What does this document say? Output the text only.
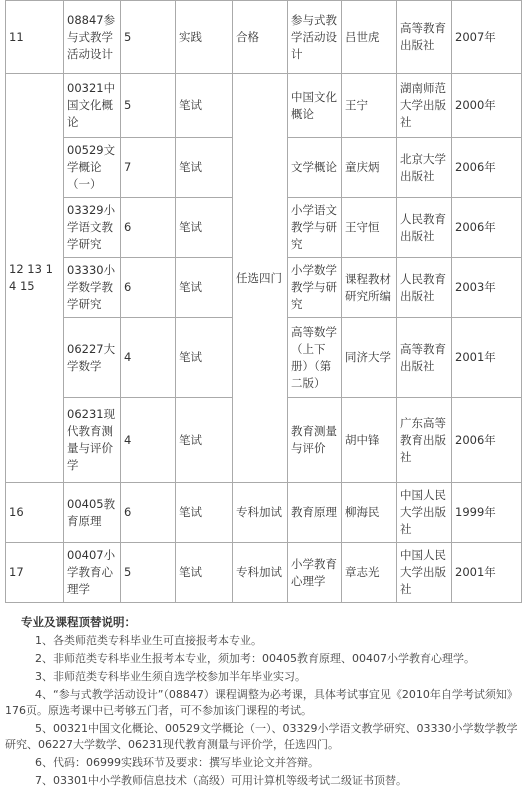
11	08847参与式教学活动设计	5	实践	合格	参与式教学活动设计	吕世虎	高等教育出版社	2007年
12 13 14 15	00321中国文化概论	5	笔试	任选四门	中国文化概论	王宁	湖南师范大学出版社	2000年
	00529文学概论（一）	7	笔试		文学概论	童庆炳	北京大学出版社	2006年
	03329小学语文教学研究	6	笔试		小学语文教学与研究	王守恒	人民教育出版社	2006年
	03330小学数学教学研究	6	笔试		小学数学教学与研究	课程教材研究所编	人民教育出版社	2003年
	06227大学数学	4	笔试		高等数学（上下册）（第二版）	同济大学	高等教育出版社	2001年
	06231现代教育测量与评价学	4	笔试		教育测量与评价	胡中锋	广东高等教育出版社	2006年
16	00405教育原理	6	笔试	专科加试	教育原理	柳海民	中国人民大学出版社	1999年
17	00407小学教育心理学	5	笔试	专科加试	小学教育心理学	章志光	中国人民大学出版社	2001年
专业及课程顶替说明：
1、各类师范类专科毕业生可直接报考本专业。
2、非师范类专科毕业生报考本专业，须加考：00405教育原理、00407小学教育心理学。
3、非师范类专科毕业生须自选学校参加半年毕业实习。
4、“参与式教学活动设计”（08847）课程调整为必考课，具体考试事宜见《2010年自学考试须知》176页。原选考课中已考够五门者，可不参加该门课程的考试。
5、00321中国文化概论、00529文学概论（一）、03329小学语文教学研究、03330小学数学教学研究、06227大学数学、06231现代教育测量与评价学，任选四门。
6、代码：06999实践环节及要求：撰写毕业论文并答辩。
7、03301中小学教师信息技术（高级）可用计算机等级考试二级证书顶替。
